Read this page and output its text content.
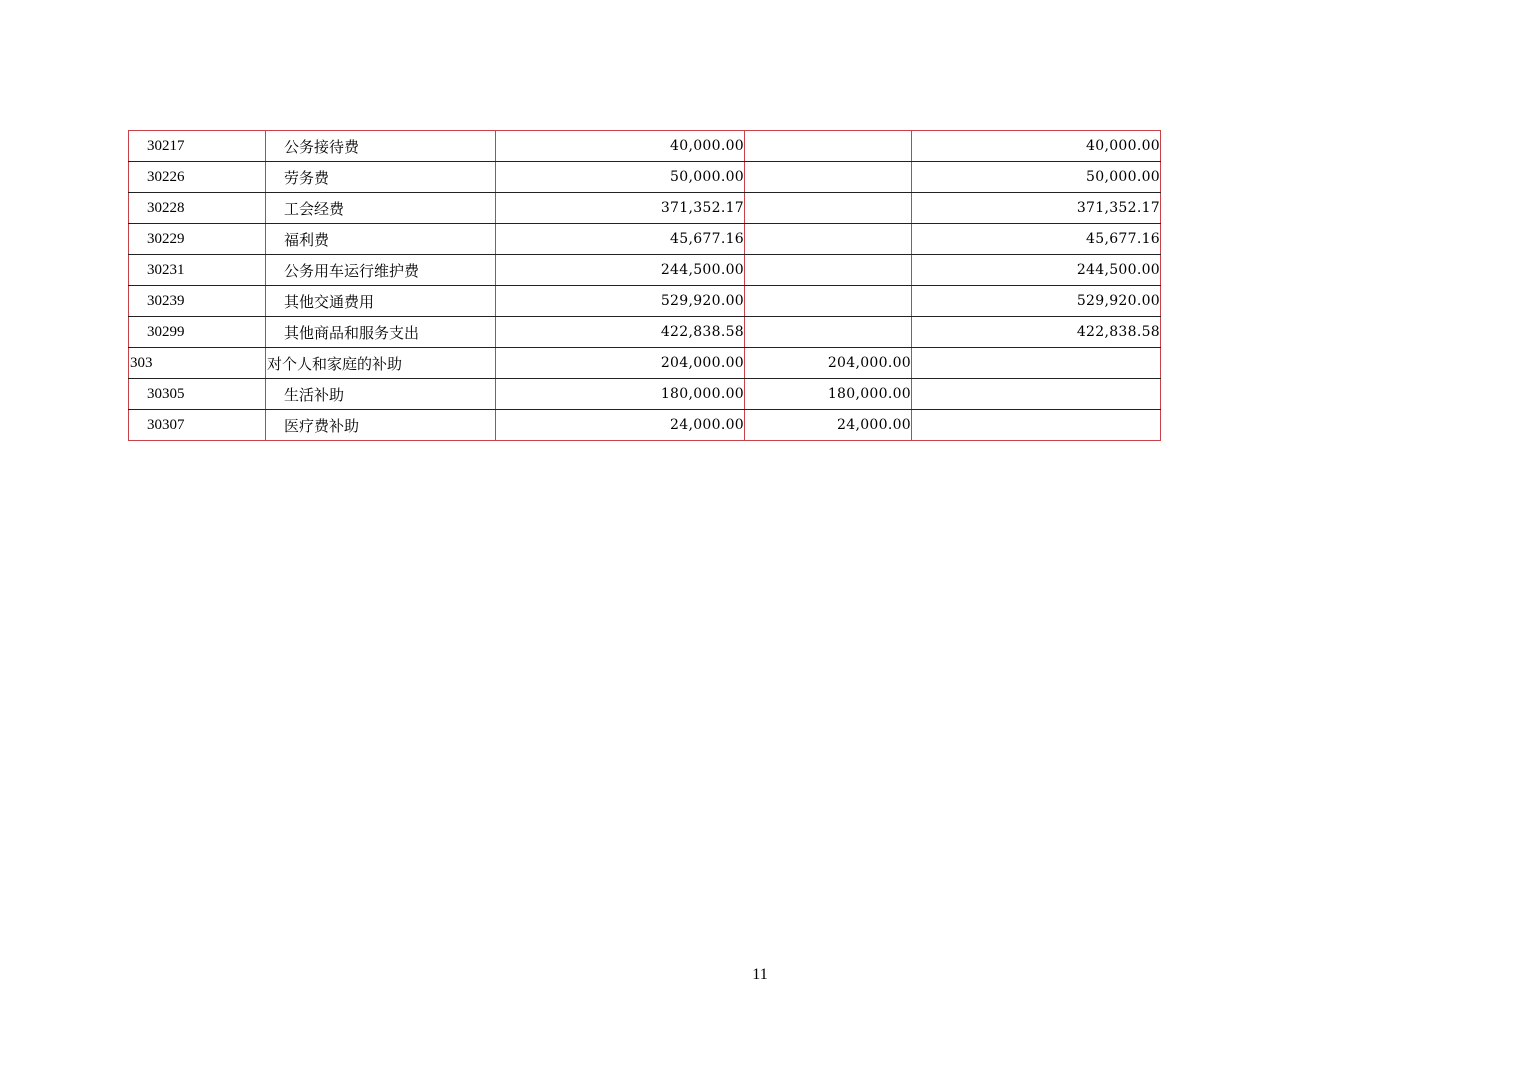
30217	公务接待费	40,000.00		40,000.00
30226	劳务费	50,000.00		50,000.00
30228	工会经费	371,352.17		371,352.17
30229	福利费	45,677.16		45,677.16
30231	公务用车运行维护费	244,500.00		244,500.00
30239	其他交通费用	529,920.00		529,920.00
30299	其他商品和服务支出	422,838.58		422,838.58
303	对个人和家庭的补助	204,000.00	204,000.00	
30305	生活补助	180,000.00	180,000.00	
30307	医疗费补助	24,000.00	24,000.00	
11
